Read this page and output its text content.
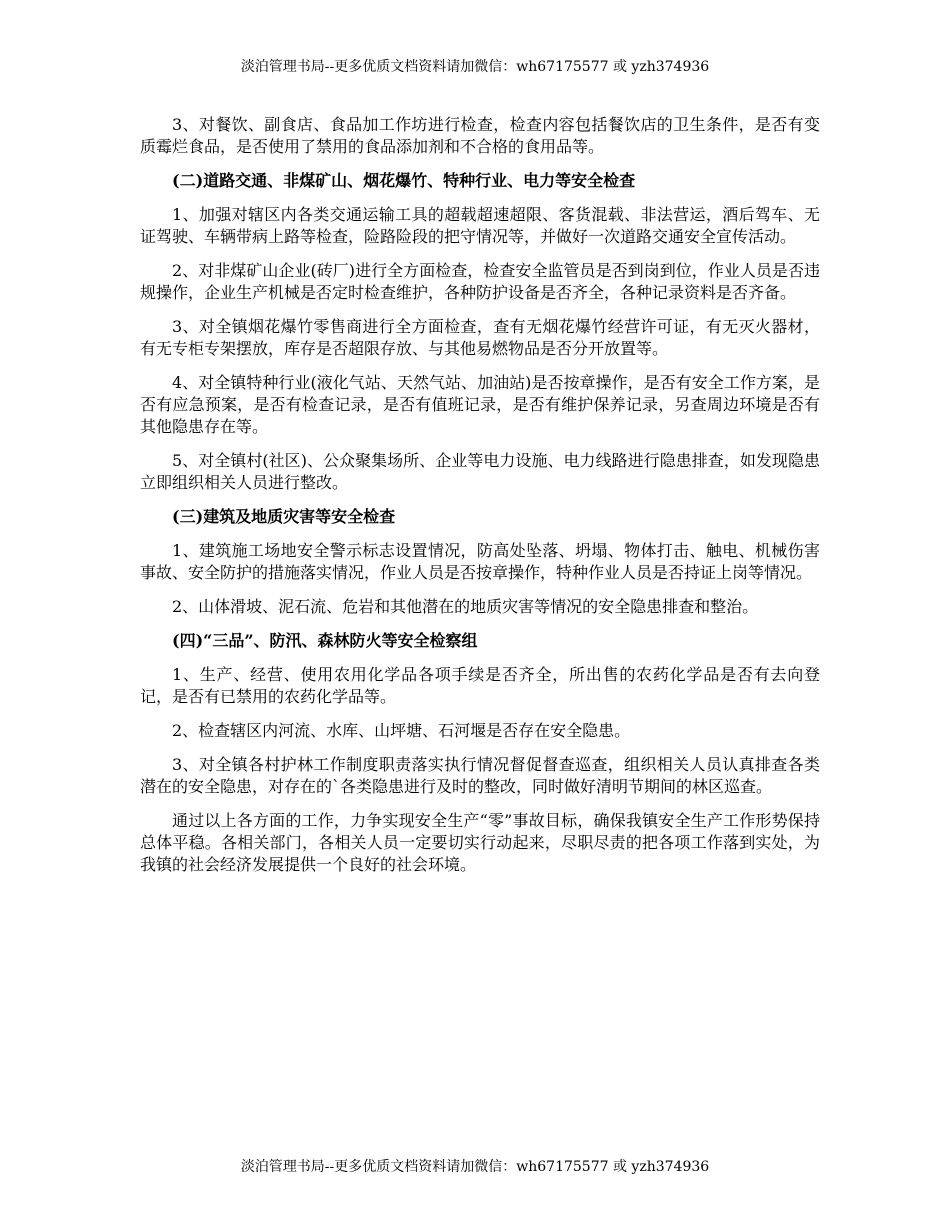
淡泊管理书局--更多优质文档资料请加微信：wh67175577 或 yzh374936

3、对餐饮、副食店、食品加工作坊进行检查，检查内容包括餐饮店的卫生条件，是否有变质霉烂食品，是否使用了禁用的食品添加剂和不合格的食用品等。

(二)道路交通、非煤矿山、烟花爆竹、特种行业、电力等安全检查

1、加强对辖区内各类交通运输工具的超载超速超限、客货混载、非法营运，酒后驾车、无证驾驶、车辆带病上路等检查，险路险段的把守情况等，并做好一次道路交通安全宣传活动。

2、对非煤矿山企业(砖厂)进行全方面检查，检查安全监管员是否到岗到位，作业人员是否违规操作，企业生产机械是否定时检查维护，各种防护设备是否齐全，各种记录资料是否齐备。

3、对全镇烟花爆竹零售商进行全方面检查，查有无烟花爆竹经营许可证，有无灭火器材，有无专柜专架摆放，库存是否超限存放、与其他易燃物品是否分开放置等。

4、对全镇特种行业(液化气站、天然气站、加油站)是否按章操作，是否有安全工作方案，是否有应急预案，是否有检查记录，是否有值班记录，是否有维护保养记录，另查周边环境是否有其他隐患存在等。

5、对全镇村(社区)、公众聚集场所、企业等电力设施、电力线路进行隐患排查，如发现隐患立即组织相关人员进行整改。

(三)建筑及地质灾害等安全检查

1、建筑施工场地安全警示标志设置情况，防高处坠落、坍塌、物体打击、触电、机械伤害事故、安全防护的措施落实情况，作业人员是否按章操作，特种作业人员是否持证上岗等情况。

2、山体滑坡、泥石流、危岩和其他潜在的地质灾害等情况的安全隐患排查和整治。

(四)“三品”、防汛、森林防火等安全检察组

1、生产、经营、使用农用化学品各项手续是否齐全，所出售的农药化学品是否有去向登记，是否有已禁用的农药化学品等。

2、检查辖区内河流、水库、山坪塘、石河堰是否存在安全隐患。

3、对全镇各村护林工作制度职责落实执行情况督促督查巡查，组织相关人员认真排查各类潜在的安全隐患，对存在的`各类隐患进行及时的整改，同时做好清明节期间的林区巡查。

通过以上各方面的工作，力争实现安全生产“零”事故目标，确保我镇安全生产工作形势保持总体平稳。各相关部门，各相关人员一定要切实行动起来，尽职尽责的把各项工作落到实处，为我镇的社会经济发展提供一个良好的社会环境。

淡泊管理书局--更多优质文档资料请加微信：wh67175577 或 yzh374936
